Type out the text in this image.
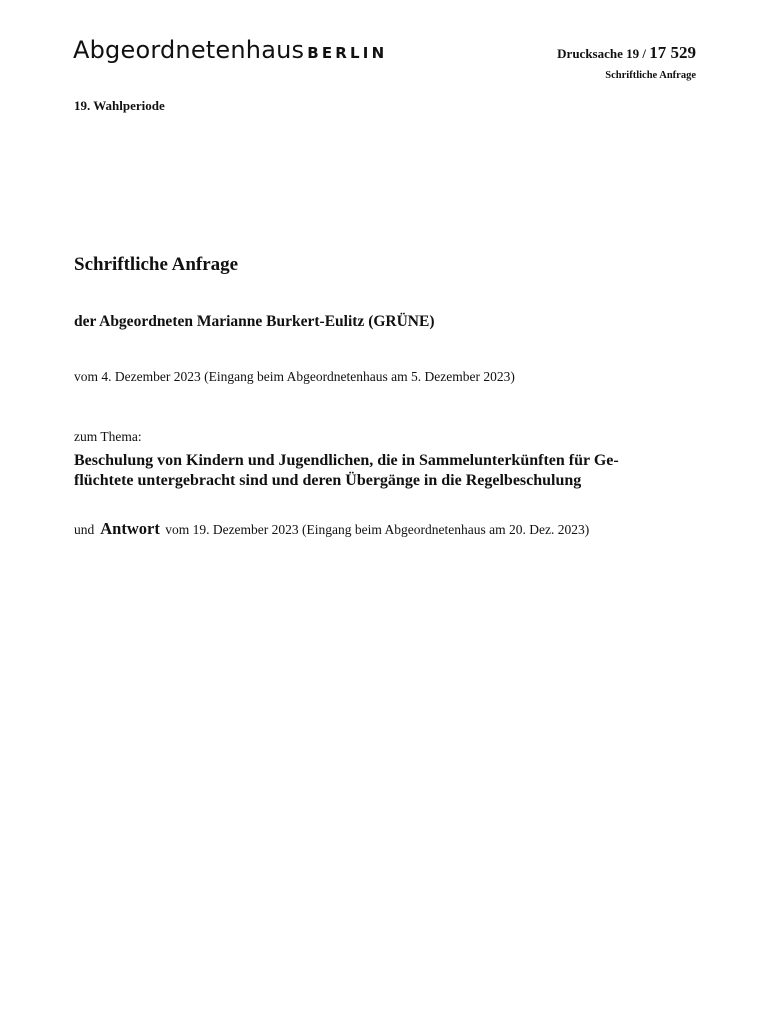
Abgeordnetenhaus BERLIN	Drucksache 19 / 17 529
Schriftliche Anfrage
19. Wahlperiode
Schriftliche Anfrage
der Abgeordneten Marianne Burkert-Eulitz (GRÜNE)
vom 4. Dezember 2023 (Eingang beim Abgeordnetenhaus am 5. Dezember 2023)
zum Thema:
Beschulung von Kindern und Jugendlichen, die in Sammelunterkünften für Ge-
flüchtete untergebracht sind und deren Übergänge in die Regelbeschulung
und Antwort vom 19. Dezember 2023 (Eingang beim Abgeordnetenhaus am 20. Dez. 2023)
